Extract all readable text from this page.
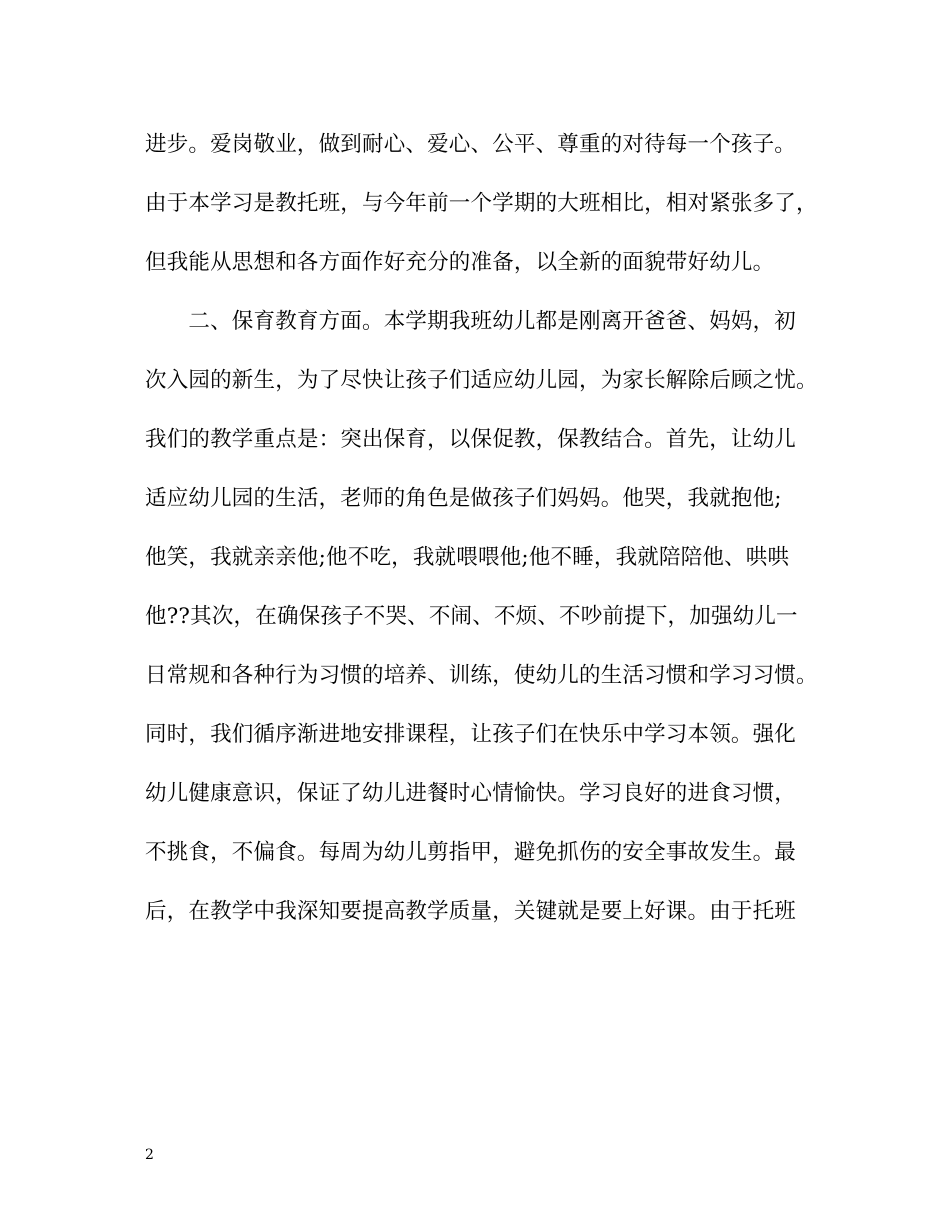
进步。爱岗敬业，做到耐心、爱心、公平、尊重的对待每一个孩子。
由于本学习是教托班，与今年前一个学期的大班相比，相对紧张多了，
但我能从思想和各方面作好充分的准备，以全新的面貌带好幼儿。
　　二、保育教育方面。本学期我班幼儿都是刚离开爸爸、妈妈，初
次入园的新生，为了尽快让孩子们适应幼儿园，为家长解除后顾之忧。
我们的教学重点是：突出保育，以保促教，保教结合。首先，让幼儿
适应幼儿园的生活，老师的角色是做孩子们妈妈。他哭，我就抱他;
他笑，我就亲亲他;他不吃，我就喂喂他;他不睡，我就陪陪他、哄哄
他??其次，在确保孩子不哭、不闹、不烦、不吵前提下，加强幼儿一
日常规和各种行为习惯的培养、训练，使幼儿的生活习惯和学习习惯。
同时，我们循序渐进地安排课程，让孩子们在快乐中学习本领。强化
幼儿健康意识，保证了幼儿进餐时心情愉快。学习良好的进食习惯，
不挑食，不偏食。每周为幼儿剪指甲，避免抓伤的安全事故发生。最
后，在教学中我深知要提高教学质量，关键就是要上好课。由于托班
2
